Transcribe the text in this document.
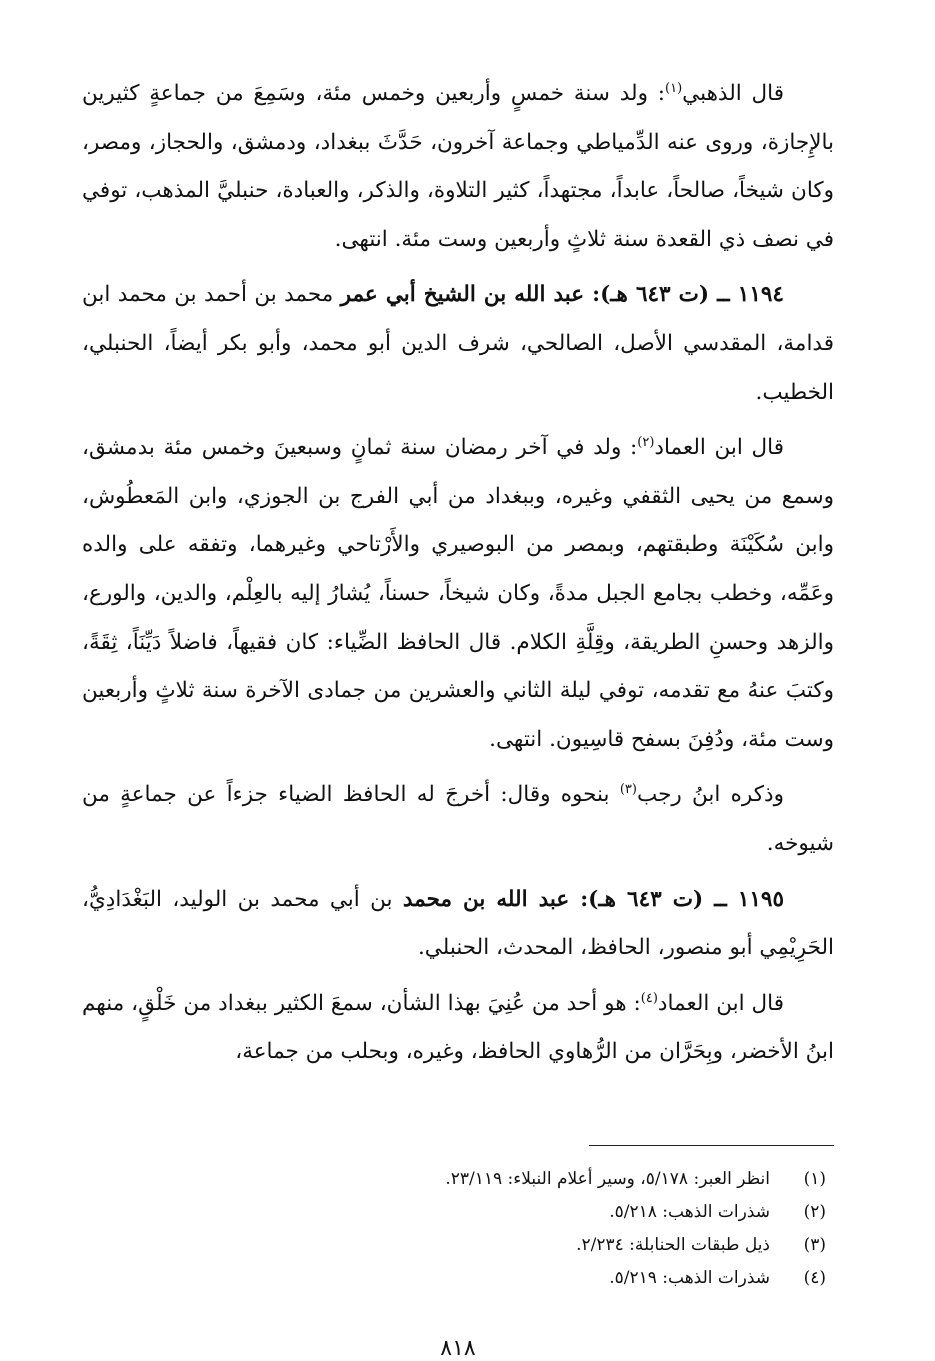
قال الذهبي$^{(١)}$: ولد سنة خمسٍ وأربعين وخمس مئة، وسَمِعَ من جماعةٍ كثيرين بالإِجازة، وروى عنه الدِّمياطي وجماعة آخرون، حَدَّثَ ببغداد، ودمشق، والحجاز، ومصر، وكان شيخاً، صالحاً، عابداً، مجتهداً، كثير التلاوة، والذكر، والعبادة، حنبليَّ المذهب، توفي في نصف ذي القعدة سنة ثلاثٍ وأربعين وست مئة. انتهى.

١١٩٤ ــ (ت ٦٤٣ هـ): عبد الله بن الشيخ أبي عمر محمد بن أحمد بن محمد ابن قدامة، المقدسي الأصل، الصالحي، شرف الدين أبو محمد، وأبو بكر أيضاً، الحنبلي، الخطيب.

قال ابن العماد$^{(٢)}$: ولد في آخر رمضان سنة ثمانٍ وسبعينَ وخمس مئة بدمشق، وسمع من يحيى الثقفي وغيره، وببغداد من أبي الفرج بن الجوزي، وابن المَعطُوش، وابن سُكَيْنَة وطبقتهم، وبمصر من البوصيري والأَرْتاحي وغيرهما، وتفقه على والده وعَمِّه، وخطب بجامع الجبل مدةً، وكان شيخاً، حسناً، يُشارُ إليه بالعِلْم، والدين، والورع، والزهد وحسنِ الطريقة، وقِلَّةِ الكلام. قال الحافظ الضِّياء: كان فقيهاً، فاضلاً دَيِّنَاً، ثِقَةً، وكتبَ عنهُ مع تقدمه، توفي ليلة الثاني والعشرين من جمادى الآخرة سنة ثلاثٍ وأربعين وست مئة، ودُفِنَ بسفح قاسِيون. انتهى.

وذكره ابنُ رجب$^{(٣)}$ بنحوه وقال: أخرجَ له الحافظ الضياء جزءاً عن جماعةٍ من شيوخه.

١١٩٥ ــ (ت ٦٤٣ هـ): عبد الله بن محمد بن أبي محمد بن الوليد، البَغْدَادِيُّ، الحَرِيْمِي أبو منصور، الحافظ، المحدث، الحنبلي.

قال ابن العماد$^{(٤)}$: هو أحد من عُنِيَ بهذا الشأن، سمعَ الكثير ببغداد من خَلْقٍ، منهم ابنُ الأخضر، وبِحَرَّان من الرُّهاوي الحافظ، وغيره، وبحلب من جماعة،

(١)
انظر العبر: ٥/١٧٨، وسير أعلام النبلاء: ٢٣/١١٩.
(٢)
شذرات الذهب: ٥/٢١٨.
(٣)
ذيل طبقات الحنابلة: ٢/٢٣٤.
(٤)
شذرات الذهب: ٥/٢١٩.
٨١٨
